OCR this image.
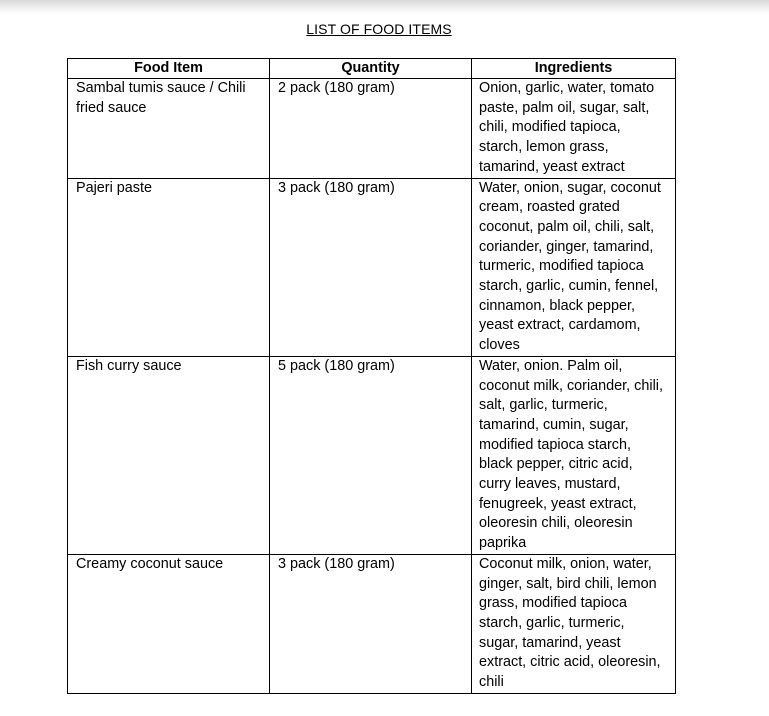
LIST OF FOOD ITEMS
Food Item	Quantity	Ingredients
Sambal tumis sauce / Chili fried sauce	2 pack (180 gram)	Onion, garlic, water, tomato paste, palm oil, sugar, salt, chili, modified tapioca, starch, lemon grass, tamarind, yeast extract
Pajeri paste	3 pack (180 gram)	Water, onion, sugar, coconut cream, roasted grated coconut, palm oil, chili, salt, coriander, ginger, tamarind, turmeric, modified tapioca starch, garlic, cumin, fennel, cinnamon, black pepper, yeast extract, cardamom, cloves
Fish curry sauce	5 pack (180 gram)	Water, onion. Palm oil, coconut milk, coriander, chili, salt, garlic, turmeric, tamarind, cumin, sugar, modified tapioca starch, black pepper, citric acid, curry leaves, mustard, fenugreek, yeast extract, oleoresin chili, oleoresin paprika
Creamy coconut sauce	3 pack (180 gram)	Coconut milk, onion, water, ginger, salt, bird chili, lemon grass, modified tapioca starch, garlic, turmeric, sugar, tamarind, yeast extract, citric acid, oleoresin, chili
